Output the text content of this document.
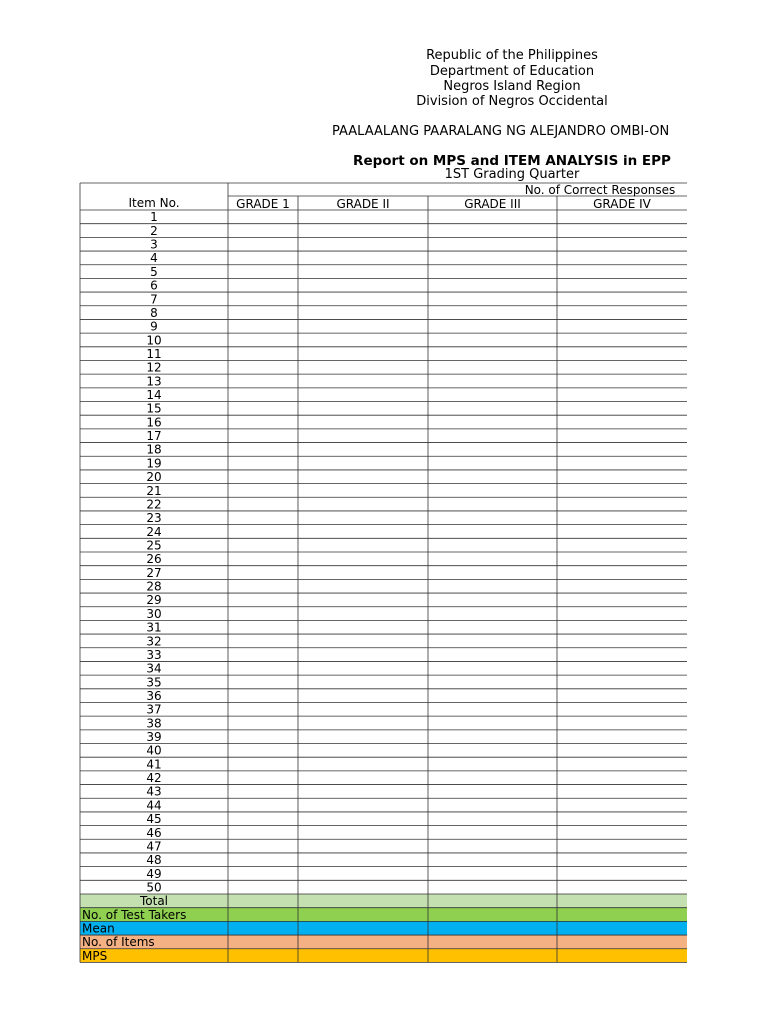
Republic of the Philippines
Department of Education
Negros Island Region
Division of Negros Occidental
PAALAALANG PAARALANG NG ALEJANDRO OMBI-ON
Report on MPS and ITEM ANALYSIS in EPP
1ST Grading Quarter
No. of Correct Responses
Item No.	GRADE 1	GRADE II	GRADE III	GRADE IV
1
2
3
4
5
6
7
8
9
10
11
12
13
14
15
16
17
18
19
20
21
22
23
24
25
26
27
28
29
30
31
32
33
34
35
36
37
38
39
40
41
42
43
44
45
46
47
48
49
50
Total
No. of Test Takers
Mean
No. of Items
MPS
